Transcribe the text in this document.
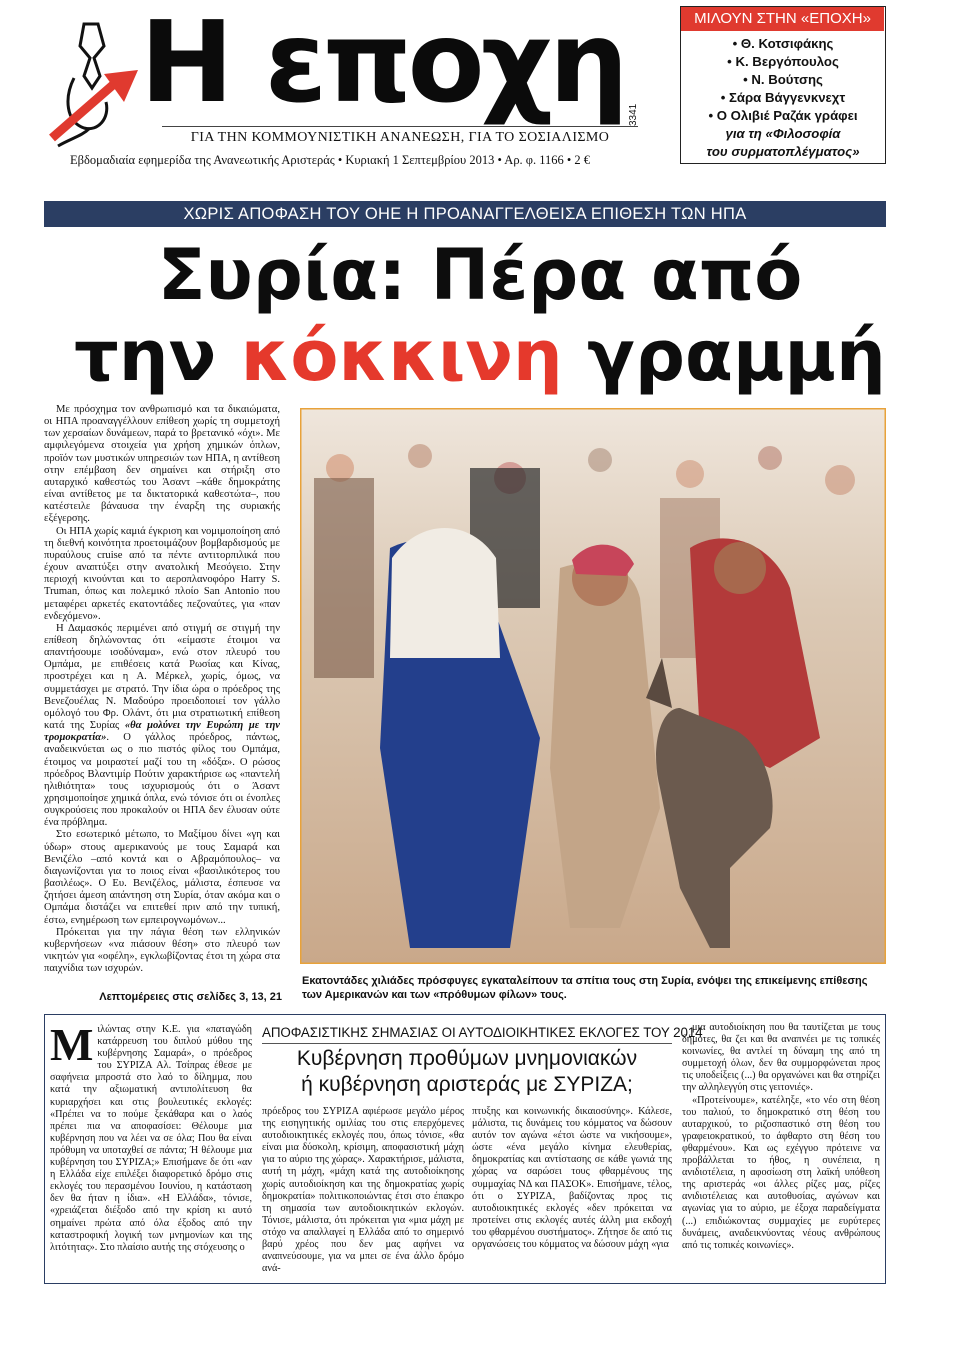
Η εποχη
ΓΙΑ ΤΗΝ ΚΟΜΜΟΥΝΙΣΤΙΚΗ ΑΝΑΝΕΩΣΗ, ΓΙΑ ΤΟ ΣΟΣΙΑΛΙΣΜΟ
3341
Εβδομαδιαία εφημερίδα της Ανανεωτικής Αριστεράς • Κυριακή 1 Σεπτεμβρίου 2013 • Αρ. φ. 1166 • 2 €
ΜΙΛΟΥΝ ΣΤΗΝ «ΕΠΟΧΗ»
• Θ. Κοτσιφάκης
• Κ. Βεργόπουλος
• Ν. Βούτσης
• Σάρα Βάγγενκνεχτ
• Ο Ολιβιέ Ραζάκ γράφει
για τη «Φιλοσοφία
του συρματοπλέγματος»
ΧΩΡΙΣ ΑΠΟΦΑΣΗ ΤΟΥ ΟΗΕ Η ΠΡΟΑΝΑΓΓΕΛΘΕΙΣΑ ΕΠΙΘΕΣΗ ΤΩΝ ΗΠΑ
Συρία: Πέρα από
την κόκκινη γραμμή

Με πρόσχημα τον ανθρωπισμό και τα δικαιώματα, οι ΗΠΑ προαναγγέλλουν επίθεση χωρίς τη συμμετοχή των χερσαίων δυνάμεων, παρά το βρετανικό «όχι». Με αμφιλεγόμενα στοιχεία για χρήση χημικών όπλων, προϊόν των μυστικών υπηρεσιών των ΗΠΑ, η αντίθεση στην επέμβαση δεν σημαίνει και στήριξη στο αυταρχικό καθεστώς του Άσαντ –κάθε δημοκράτης είναι αντίθετος με τα δικτατορικά καθεστώτα–, που κατέστειλε βάναυσα την έναρξη της συριακής εξέγερσης.

Οι ΗΠΑ χωρίς καμιά έγκριση και νομιμοποίηση από τη διεθνή κοινότητα προετοιμάζουν βομβαρδισμούς με πυραύλους cruise από τα πέντε αντιτορπιλικά που έχουν αναπτύξει στην ανατολική Μεσόγειο. Στην περιοχή κινούνται και το αεροπλανοφόρο Harry S. Truman, όπως και πολεμικό πλοίο San Antonio που μεταφέρει αρκετές εκατοντάδες πεζοναύτες, για «παν ενδεχόμενο».

Η Δαμασκός περιμένει από στιγμή σε στιγμή την επίθεση δηλώνοντας ότι «είμαστε έτοιμοι να απαντήσουμε ισοδύναμα», ενώ στον πλευρό του Ομπάμα, με επιθέσεις κατά Ρωσίας και Κίνας, προστρέχει και η Α. Μέρκελ, χωρίς, όμως, να συμμετάσχει με στρατό. Την ίδια ώρα ο πρόεδρος της Βενεζουέλας Ν. Μαδούρο προειδοποιεί τον γάλλο ομόλογό του Φρ. Ολάντ, ότι μια στρατιωτική επίθεση κατά της Συρίας «θα μολύνει την Ευρώπη με την τρομοκρατία». Ο γάλλος πρόεδρος, πάντως, αναδεικνύεται ως ο πιο πιστός φίλος του Ομπάμα, έτοιμος να μοιραστεί μαζί του τη «δόξα». Ο ρώσος πρόεδρος Βλαντιμίρ Πούτιν χαρακτήρισε ως «παντελή ηλιθιότητα» τους ισχυρισμούς ότι ο Άσαντ χρησιμοποίησε χημικά όπλα, ενώ τόνισε ότι οι ένοπλες συγκρούσεις που προκαλούν οι ΗΠΑ δεν έλυσαν ούτε ένα πρόβλημα.

Στο εσωτερικό μέτωπο, το Μαξίμου δίνει «γη και ύδωρ» στους αμερικανούς με τους Σαμαρά και Βενιζέλο –από κοντά και ο Αβραμόπουλος– να διαγωνίζονται για το ποιος είναι «βασιλικότερος του βασιλέως». Ο Ευ. Βενιζέλος, μάλιστα, έσπευσε να ζητήσει άμεση απάντηση στη Συρία, όταν ακόμα και ο Ομπάμα διστάζει να επιτεθεί πριν από την τυπική, έστω, ενημέρωση των εμπειρογνωμόνων...

Πρόκειται για την πάγια θέση των ελληνικών κυβερνήσεων «να πιάσουν θέση» στο πλευρό των νικητών για «οφέλη», εγκλωβίζοντας έτσι τη χώρα στα παιχνίδια των ισχυρών.

Λεπτομέρειες στις σελίδες 3, 13, 21
Εκατοντάδες χιλιάδες πρόσφυγες εγκαταλείπουν τα σπίτια τους στη Συρία, ενόψει της επικείμενης επίθεσης των Αμερικανών και των «πρόθυμων φίλων» τους.
ΑΠΟΦΑΣΙΣΤΙΚΗΣ ΣΗΜΑΣΙΑΣ ΟΙ ΑΥΤΟΔΙΟΙΚΗΤΙΚΕΣ ΕΚΛΟΓΕΣ ΤΟΥ 2014
Κυβέρνηση προθύμων μνημονιακών
ή κυβέρνηση αριστεράς με ΣΥΡΙΖΑ;
Μιλώντας στην Κ.Ε. για «παταγώδη κατάρρευση του διπλού μύθου της κυβέρνησης Σαμαρά», ο πρόεδρος του ΣΥΡΙΖΑ Αλ. Τσίπρας έθεσε με σαφήνεια μπροστά στο λαό το δίλημμα, που κατά την αξιωματική αντιπολίτευση θα κυριαρχήσει και στις βουλευτικές εκλογές: «Πρέπει να το πούμε ξεκάθαρα και ο λαός πρέπει πια να αποφασίσει: Θέλουμε μια κυβέρνηση που να λέει να σε όλα; Που θα είναι πρόθυμη να υποταχθεί σε πάντα; Ή θέλουμε μια κυβέρνηση του ΣΥΡΙΖΑ;» Επισήμανε δε ότι «αν η Ελλάδα είχε επιλέξει διαφορετικό δρόμο στις εκλογές του περασμένου Ιουνίου, η κατάσταση δεν θα ήταν η ίδια». «Η Ελλάδα», τόνισε, «χρειάζεται διέξοδο από την κρίση κι αυτό σημαίνει πρώτα από όλα έξοδος από την καταστροφική λογική των μνημονίων και της λιτότητας». Στο πλαίσιο αυτής της στόχευσης ο
πρόεδρος του ΣΥΡΙΖΑ αφιέρωσε μεγάλο μέρος της εισηγητικής ομιλίας του στις επερχόμενες αυτοδιοικητικές εκλογές που, όπως τόνισε, «θα είναι μια δύσκολη, κρίσιμη, αποφασιστική μάχη για το αύριο της χώρας». Χαρακτήρισε, μάλιστα, αυτή τη μάχη, «μάχη κατά της αυτοδιοίκησης χωρίς αυτοδιοίκηση και της δημοκρατίας χωρίς δημοκρατία» πολιτικοποιώντας έτσι στο έπακρο τη σημασία των αυτοδιοικητικών εκλογών. Τόνισε, μάλιστα, ότι πρόκειται για «μια μάχη με στόχο να απαλλαγεί η Ελλάδα από το σημερινό βαρύ χρέος που δεν μας αφήνει να αναπνεύσουμε, για να μπει σε ένα άλλο δρόμο ανά-
πτυξης και κοινωνικής δικαιοσύνης». Κάλεσε, μάλιστα, τις δυνάμεις του κόμματος να δώσουν αυτόν τον αγώνα «έτσι ώστε να νικήσουμε», ώστε «ένα μεγάλο κίνημα ελευθερίας, δημοκρατίας και αντίστασης σε κάθε γωνιά της χώρας να σαρώσει τους φθαρμένους της συμμαχίας ΝΔ και ΠΑΣΟΚ». Επισήμανε, τέλος, ότι ο ΣΥΡΙΖΑ, βαδίζοντας προς τις αυτοδιοικητικές εκλογές «δεν πρόκειται να προτείνει στις εκλογές αυτές άλλη μια εκδοχή του φθαρμένου συστήματος». Ζήτησε δε από τις οργανώσεις του κόμματος να δώσουν μάχη «για

μια αυτοδιοίκηση που θα ταυτίζεται με τους δήμοτες, θα ζει και θα αναπνέει με τις τοπικές κοινωνίες, θα αντλεί τη δύναμη της από τη συμμετοχή όλων, δεν θα συμμορφώνεται προς τις υποδείξεις (...) θα οργανώνει και θα στηρίζει την αλληλεγγύη στις γειτονιές».

«Προτείνουμε», κατέληξε, «το νέο στη θέση του παλιού, το δημοκρατικό στη θέση του αυταρχικού, το ριζοσπαστικό στη θέση του γραφειοκρατικού, το άφθαρτο στη θέση του φθαρμένου». Και ως εχέγγυο πρότεινε να προβάλλεται το ήθος, η συνέπεια, η ανιδιοτέλεια, η αφοσίωση στη λαϊκή υπόθεση της αριστεράς «οι άλλες ρίζες μας, ρίζες ανιδιοτέλειας και αυτοθυσίας, αγώνων και αγωνίας για το αύριο, με έξοχα παραδείγματα (...) επιδιώκοντας συμμαχίες με ευρύτερες δυνάμεις, αναδεικνύοντας νέους ανθρώπους από τις τοπικές κοινωνίες».
